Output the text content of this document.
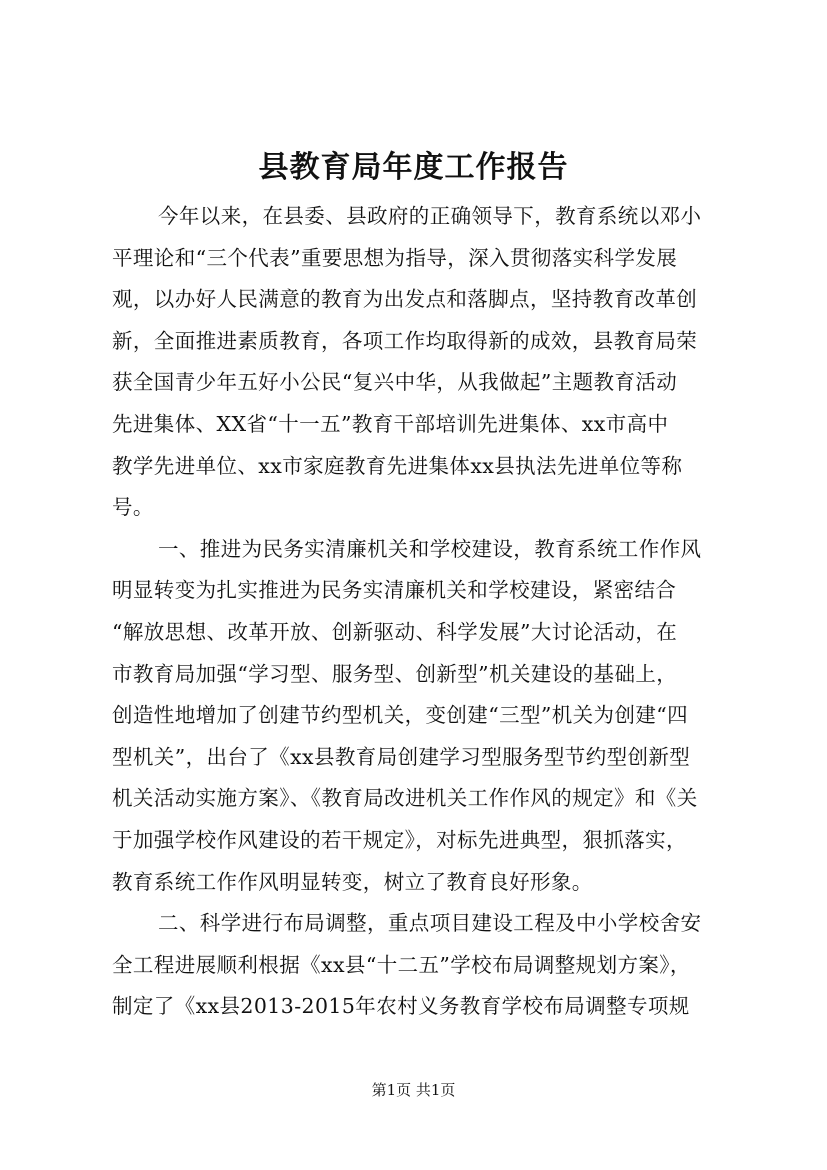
县教育局年度工作报告
今年以来，在县委、县政府的正确领导下，教育系统以邓小
平理论和“三个代表”重要思想为指导，深入贯彻落实科学发展
观，以办好人民满意的教育为出发点和落脚点，坚持教育改革创
新，全面推进素质教育，各项工作均取得新的成效，县教育局荣
获全国青少年五好小公民“复兴中华，从我做起”主题教育活动
先进集体、XX省“十一五”教育干部培训先进集体、xx市高中
教学先进单位、xx市家庭教育先进集体xx县执法先进单位等称
号。
一、推进为民务实清廉机关和学校建设，教育系统工作作风
明显转变为扎实推进为民务实清廉机关和学校建设，紧密结合
“解放思想、改革开放、创新驱动、科学发展”大讨论活动，在
市教育局加强“学习型、服务型、创新型”机关建设的基础上，
创造性地增加了创建节约型机关，变创建“三型”机关为创建“四
型机关”，出台了《xx县教育局创建学习型服务型节约型创新型
机关活动实施方案》、《教育局改进机关工作作风的规定》和《关
于加强学校作风建设的若干规定》，对标先进典型，狠抓落实，
教育系统工作作风明显转变，树立了教育良好形象。
二、科学进行布局调整，重点项目建设工程及中小学校舍安
全工程进展顺利根据《xx县“十二五”学校布局调整规划方案》，
制定了《xx县2013-2015年农村义务教育学校布局调整专项规
第1页 共1页
